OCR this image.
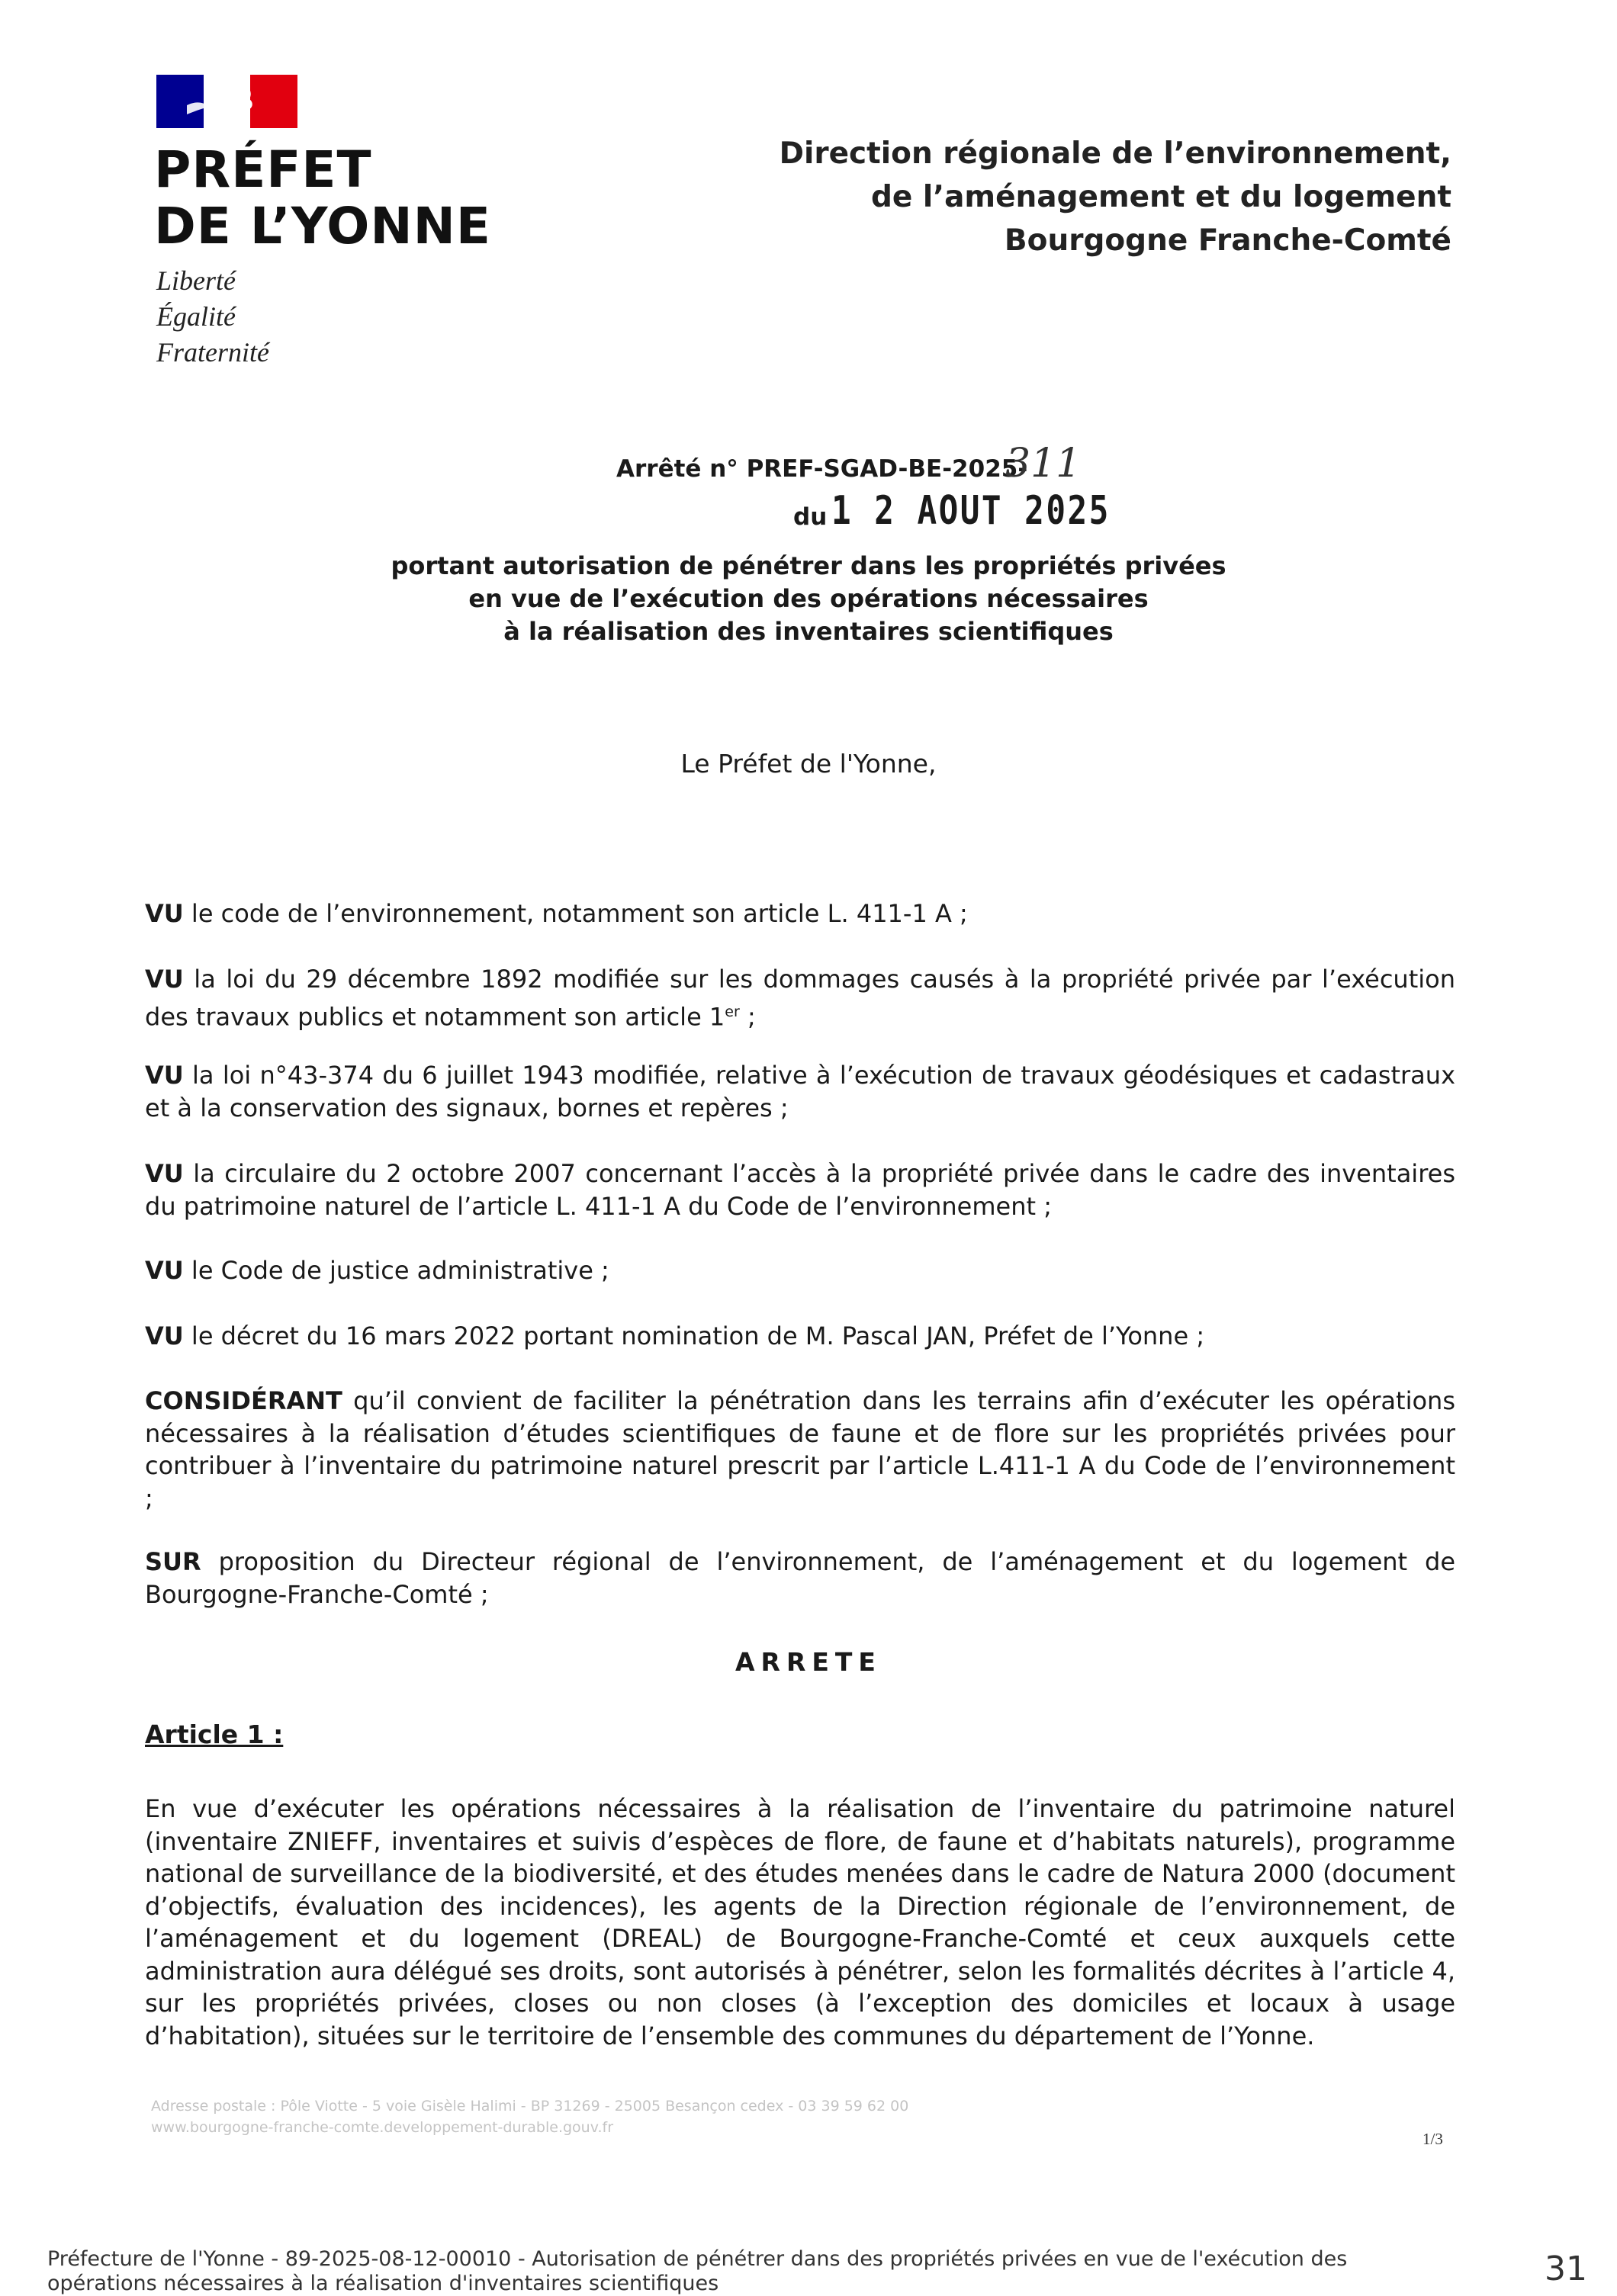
PRÉFET
DE L’YONNE
Liberté
Égalité
Fraternité
Direction régionale de l’environnement,
de l’aménagement et du logement
Bourgogne Franche-Comté
Arrêté n° PREF-SGAD-BE-2025-
311
du 1 2 AOUT 2025
portant autorisation de pénétrer dans les propriétés privées
en vue de l’exécution des opérations nécessaires
à la réalisation des inventaires scientifiques
Le Préfet de l'Yonne,

VU le code de l’environnement, notamment son article L. 411-1 A ;

VU la loi du 29 décembre 1892 modifiée sur les dommages causés à la propriété privée par l’exécution des travaux publics et notamment son article 1er ;

VU la loi n°43-374 du 6 juillet 1943 modifiée, relative à l’exécution de travaux géodésiques et cadastraux et à la conservation des signaux, bornes et repères ;

VU la circulaire du 2 octobre 2007 concernant l’accès à la propriété privée dans le cadre des inventaires du patrimoine naturel de l’article L. 411-1 A du Code de l’environnement ;

VU le Code de justice administrative ;

VU le décret du 16 mars 2022 portant nomination de M. Pascal JAN, Préfet de l’Yonne ;

CONSIDÉRANT qu’il convient de faciliter la pénétration dans les terrains afin d’exécuter les opérations nécessaires à la réalisation d’études scientifiques de faune et de flore sur les propriétés privées pour contribuer à l’inventaire du patrimoine naturel prescrit par l’article L.411-1 A du Code de l’environnement ;

SUR proposition du Directeur régional de l’environnement, de l’aménagement et du logement de Bourgogne-Franche-Comté ;

ARRETE
Article 1 :

En vue d’exécuter les opérations nécessaires à la réalisation de l’inventaire du patrimoine naturel (inventaire ZNIEFF, inventaires et suivis d’espèces de flore, de faune et d’habitats naturels), programme national de surveillance de la biodiversité, et des études menées dans le cadre de Natura 2000 (document d’objectifs, évaluation des incidences), les agents de la Direction régionale de l’environnement, de l’aménagement et du logement (DREAL) de Bourgogne-Franche-Comté et ceux auxquels cette administration aura délégué ses droits, sont autorisés à pénétrer, selon les formalités décrites à l’article 4, sur les propriétés privées, closes ou non closes (à l’exception des domiciles et locaux à usage d’habitation), situées sur le territoire de l’ensemble des communes du département de l’Yonne.

Adresse postale : Pôle Viotte - 5 voie Gisèle Halimi - BP 31269 - 25005 Besançon cedex - 03 39 59 62 00
www.bourgogne-franche-comte.developpement-durable.gouv.fr
1/3
Préfecture de l'Yonne - 89-2025-08-12-00010 - Autorisation de pénétrer dans des propriétés privées en vue de l'exécution des opérations nécessaires à la réalisation d'inventaires scientifiques	31
